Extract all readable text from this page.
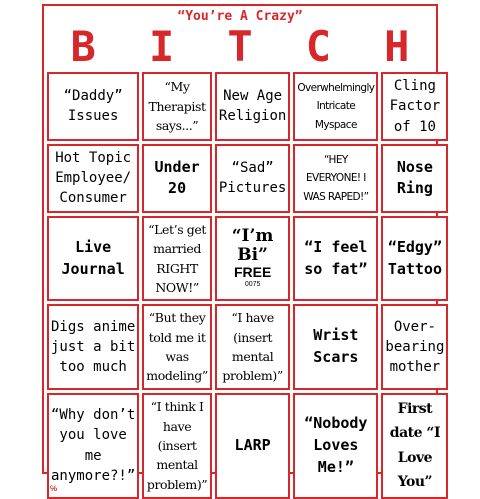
“You’re A Crazy”
B	I	T	C	H
“Daddy” Issues
“My Therapist says...”
New Age Religion
Overwhelmingly Intricate Myspace
Cling Factor of 10
Hot Topic Employee/ Consumer
Under 20
“Sad” Pictures
“HEY EVERYONE! I WAS RAPED!”
Nose Ring
Live Journal
“Let’s get married RIGHT NOW!”
“I’m Bi”
FREE
0075
“I feel so fat”
“Edgy” Tattoo
Digs anime just a bit too much
“But they told me it was modeling”
“I have (insert mental problem)”
Wrist Scars
Over-bearing mother
“Why don’t you love me anymore?!”
℅
“I think I have (insert mental problem)”
LARP
“Nobody Loves Me!”
First date “I Love You”
